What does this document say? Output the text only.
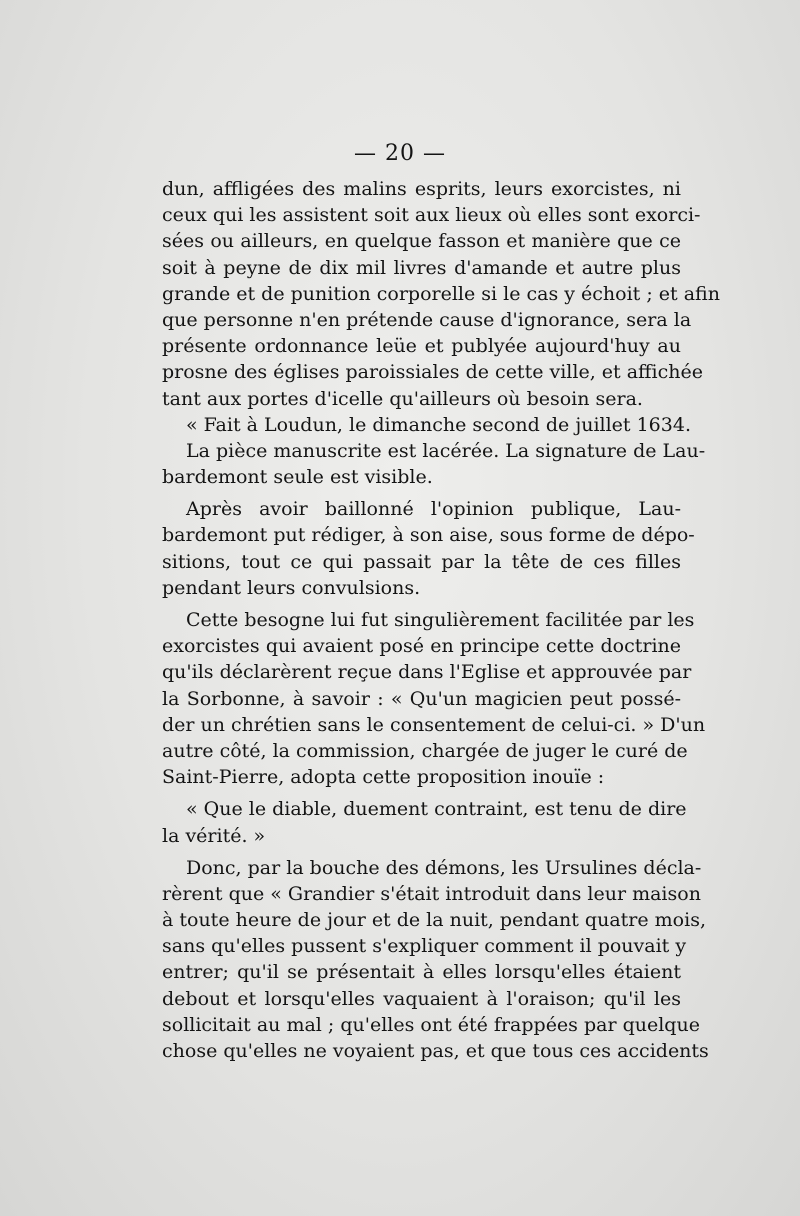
— 20 —
dun, affligées des malins esprits, leurs exorcistes, ni
ceux qui les assistent soit aux lieux où elles sont exorci-
sées ou ailleurs, en quelque fasson et manière que ce
soit à peyne de dix mil livres d'amande et autre plus
grande et de punition corporelle si le cas y échoit ; et afin
que personne n'en prétende cause d'ignorance, sera la
présente ordonnance leüe et publyée aujourd'huy au
prosne des églises paroissiales de cette ville, et affichée
tant aux portes d'icelle qu'ailleurs où besoin sera.
« Fait à Loudun, le dimanche second de juillet 1634.
La pièce manuscrite est lacérée. La signature de Lau-
bardemont seule est visible.
Après avoir baillonné l'opinion publique, Lau-
bardemont put rédiger, à son aise, sous forme de dépo-
sitions, tout ce qui passait par la tête de ces filles
pendant leurs convulsions.
Cette besogne lui fut singulièrement facilitée par les
exorcistes qui avaient posé en principe cette doctrine
qu'ils déclarèrent reçue dans l'Eglise et approuvée par
la Sorbonne, à savoir : « Qu'un magicien peut possé-
der un chrétien sans le consentement de celui-ci. » D'un
autre côté, la commission, chargée de juger le curé de
Saint-Pierre, adopta cette proposition inouïe :
« Que le diable, duement contraint, est tenu de dire
la vérité. »
Donc, par la bouche des démons, les Ursulines décla-
rèrent que « Grandier s'était introduit dans leur maison
à toute heure de jour et de la nuit, pendant quatre mois,
sans qu'elles pussent s'expliquer comment il pouvait y
entrer; qu'il se présentait à elles lorsqu'elles étaient
debout et lorsqu'elles vaquaient à l'oraison; qu'il les
sollicitait au mal ; qu'elles ont été frappées par quelque
chose qu'elles ne voyaient pas, et que tous ces accidents
